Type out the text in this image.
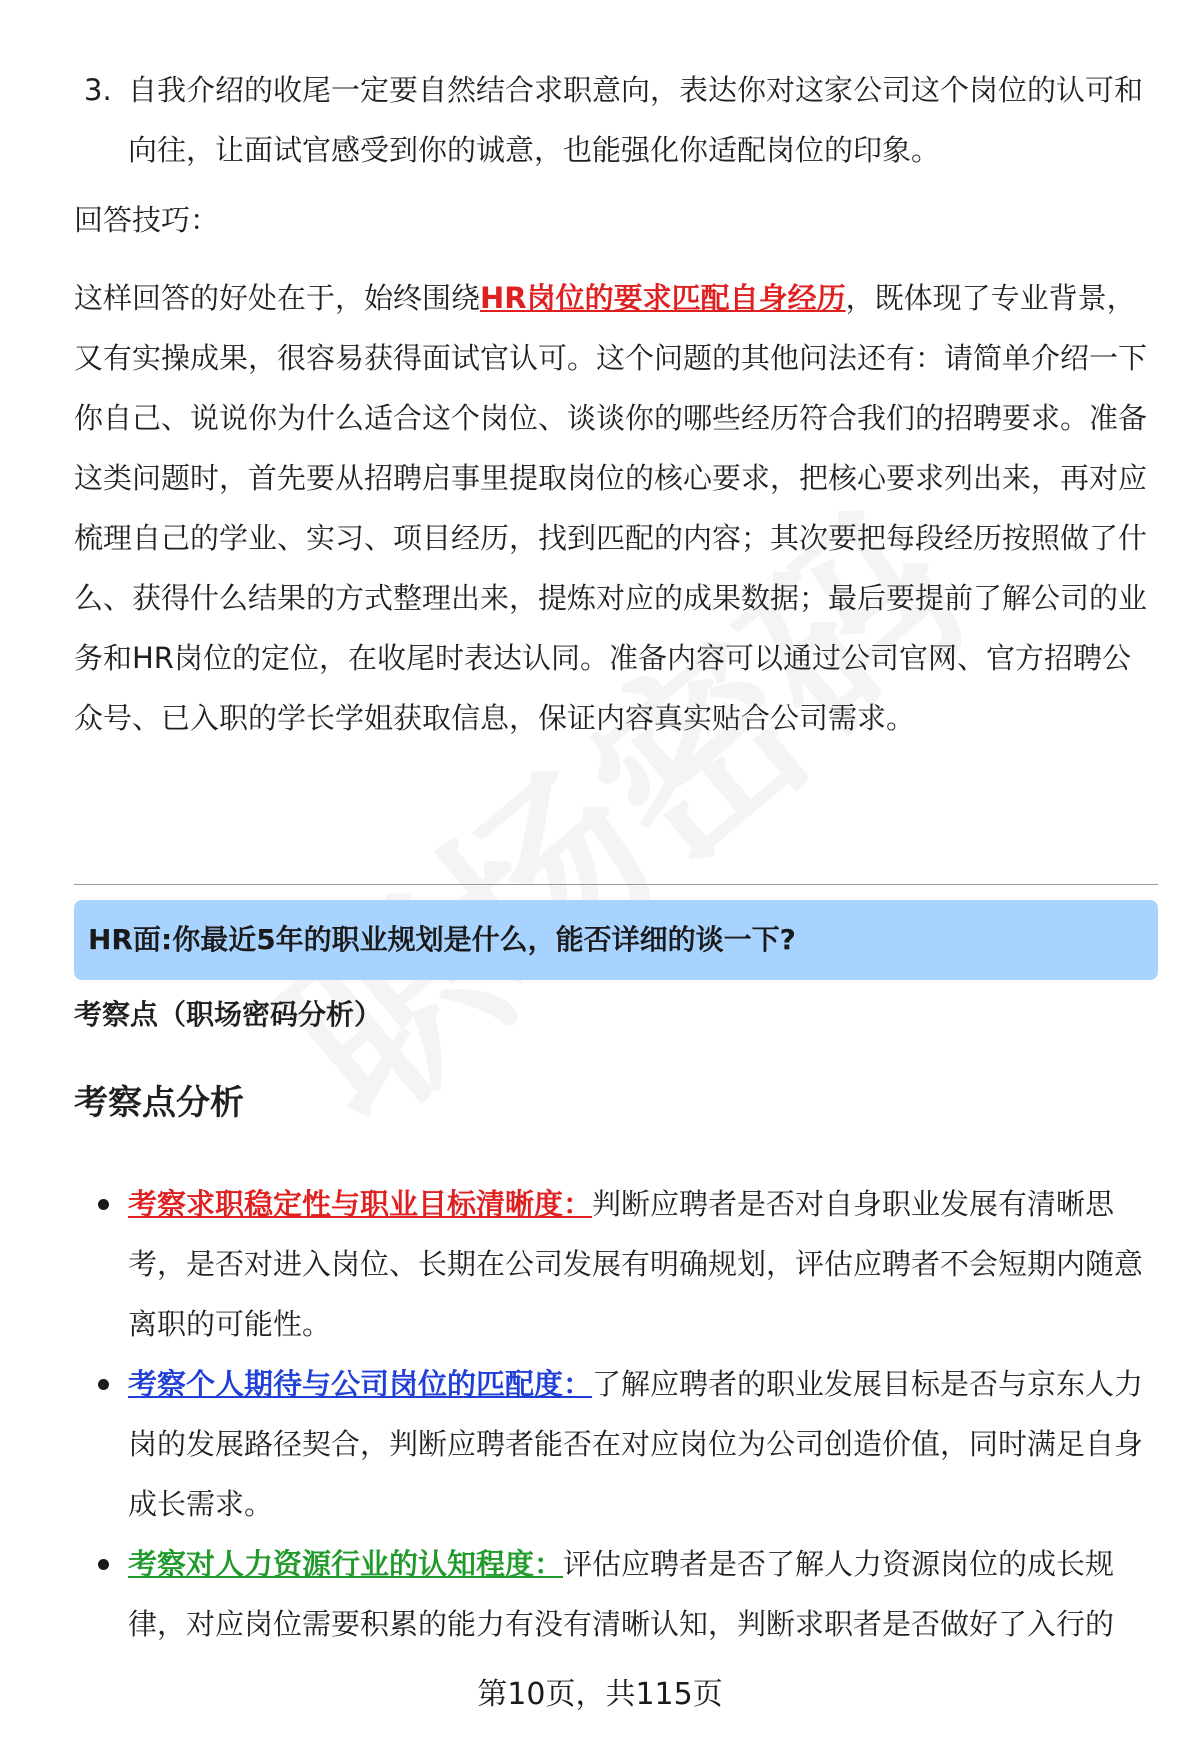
3. 自我介绍的收尾一定要自然结合求职意向，表达你对这家公司这个岗位的认可和向往，让面试官感受到你的诚意，也能强化你适配岗位的印象。
回答技巧：
这样回答的好处在于，始终围绕HR岗位的要求匹配自身经历，既体现了专业背景，又有实操成果，很容易获得面试官认可。这个问题的其他问法还有：请简单介绍一下你自己、说说你为什么适合这个岗位、谈谈你的哪些经历符合我们的招聘要求。准备这类问题时，首先要从招聘启事里提取岗位的核心要求，把核心要求列出来，再对应梳理自己的学业、实习、项目经历，找到匹配的内容；其次要把每段经历按照做了什么、获得什么结果的方式整理出来，提炼对应的成果数据；最后要提前了解公司的业务和HR岗位的定位，在收尾时表达认同。准备内容可以通过公司官网、官方招聘公众号、已入职的学长学姐获取信息，保证内容真实贴合公司需求。
HR面:你最近5年的职业规划是什么，能否详细的谈一下?
考察点（职场密码分析）
考察点分析
考察求职稳定性与职业目标清晰度：判断应聘者是否对自身职业发展有清晰思考，是否对进入岗位、长期在公司发展有明确规划，评估应聘者不会短期内随意离职的可能性。
考察个人期待与公司岗位的匹配度：了解应聘者的职业发展目标是否与京东人力岗的发展路径契合，判断应聘者能否在对应岗位为公司创造价值，同时满足自身成长需求。
考察对人力资源行业的认知程度：评估应聘者是否了解人力资源岗位的成长规律，对应岗位需要积累的能力有没有清晰认知，判断求职者是否做好了入行的
第10页，共115页
